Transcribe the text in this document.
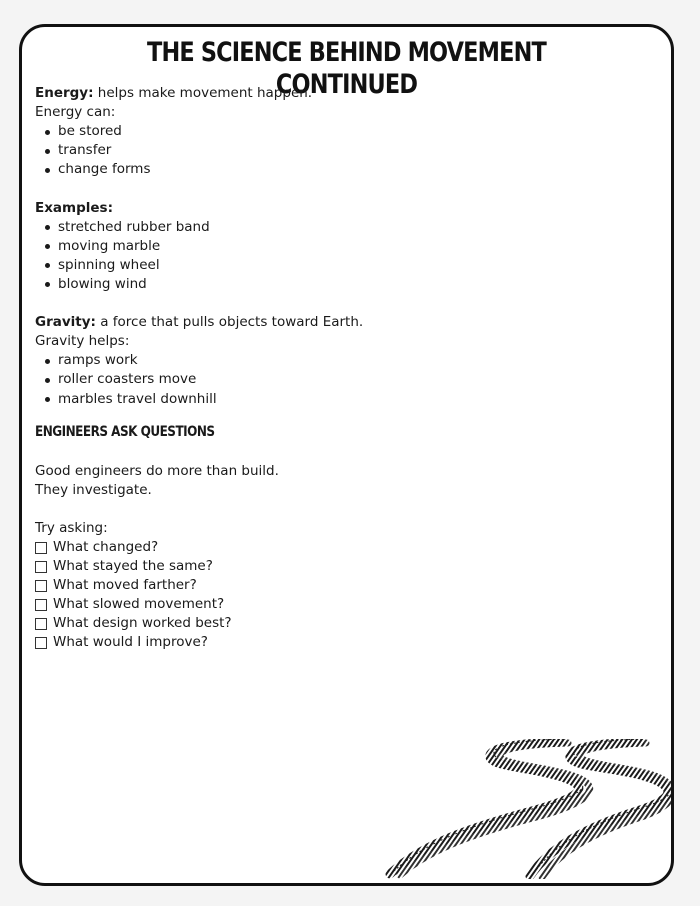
THE SCIENCE BEHIND MOVEMENT CONTINUED

Energy: helps make movement happen.

Energy can:

be stored
transfer
change forms

Examples:

stretched rubber band
moving marble
spinning wheel
blowing wind

Gravity: a force that pulls objects toward Earth.

Gravity helps:

ramps work
roller coasters move
marbles travel downhill
ENGINEERS ASK QUESTIONS

Good engineers do more than build.

They investigate.

Try asking:

What changed?
What stayed the same?
What moved farther?
What slowed movement?
What design worked best?
What would I improve?
